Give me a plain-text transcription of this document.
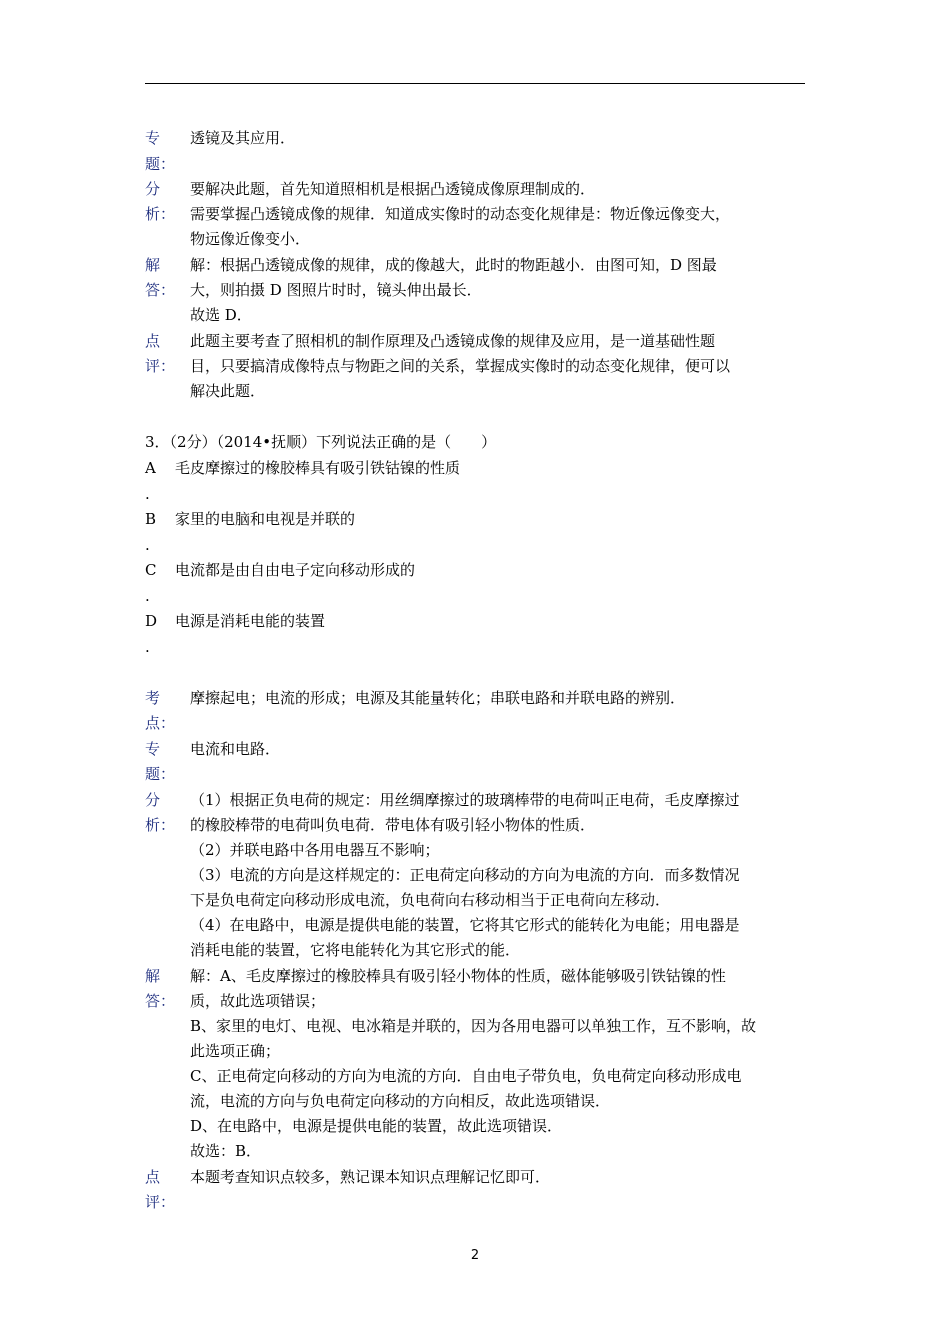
专
题：
透镜及其应用．
分
析：
要解决此题，首先知道照相机是根据凸透镜成像原理制成的．
需要掌握凸透镜成像的规律．知道成实像时的动态变化规律是：物近像远像变大，
物远像近像变小．
解
答：
解：根据凸透镜成像的规律，成的像越大，此时的物距越小．由图可知，D 图最
大，则拍摄 D 图照片时时，镜头伸出最长．
故选 D．
点
评：
此题主要考查了照相机的制作原理及凸透镜成像的规律及应用，是一道基础性题
目，只要搞清成像特点与物距之间的关系，掌握成实像时的动态变化规律，便可以
解决此题．
3．（2分）（2014•抚顺）下列说法正确的是（　　）
A
.
毛皮摩擦过的橡胶棒具有吸引铁钴镍的性质
B
.
家里的电脑和电视是并联的
C
.
电流都是由自由电子定向移动形成的
D
.
电源是消耗电能的装置
考
点：
摩擦起电；电流的形成；电源及其能量转化；串联电路和并联电路的辨别．
专
题：
电流和电路．
分
析：
（1）根据正负电荷的规定：用丝绸摩擦过的玻璃棒带的电荷叫正电荷，毛皮摩擦过
的橡胶棒带的电荷叫负电荷．带电体有吸引轻小物体的性质．
（2）并联电路中各用电器互不影响；
（3）电流的方向是这样规定的：正电荷定向移动的方向为电流的方向．而多数情况
下是负电荷定向移动形成电流，负电荷向右移动相当于正电荷向左移动．
（4）在电路中，电源是提供电能的装置，它将其它形式的能转化为电能；用电器是
消耗电能的装置，它将电能转化为其它形式的能．
解
答：
解：A、毛皮摩擦过的橡胶棒具有吸引轻小物体的性质，磁体能够吸引铁钴镍的性
质，故此选项错误；
B、家里的电灯、电视、电冰箱是并联的，因为各用电器可以单独工作，互不影响，故
此选项正确；
C、正电荷定向移动的方向为电流的方向．自由电子带负电，负电荷定向移动形成电
流，电流的方向与负电荷定向移动的方向相反，故此选项错误．
D、在电路中，电源是提供电能的装置，故此选项错误．
故选：B．
点
评：
本题考查知识点较多，熟记课本知识点理解记忆即可．
2
